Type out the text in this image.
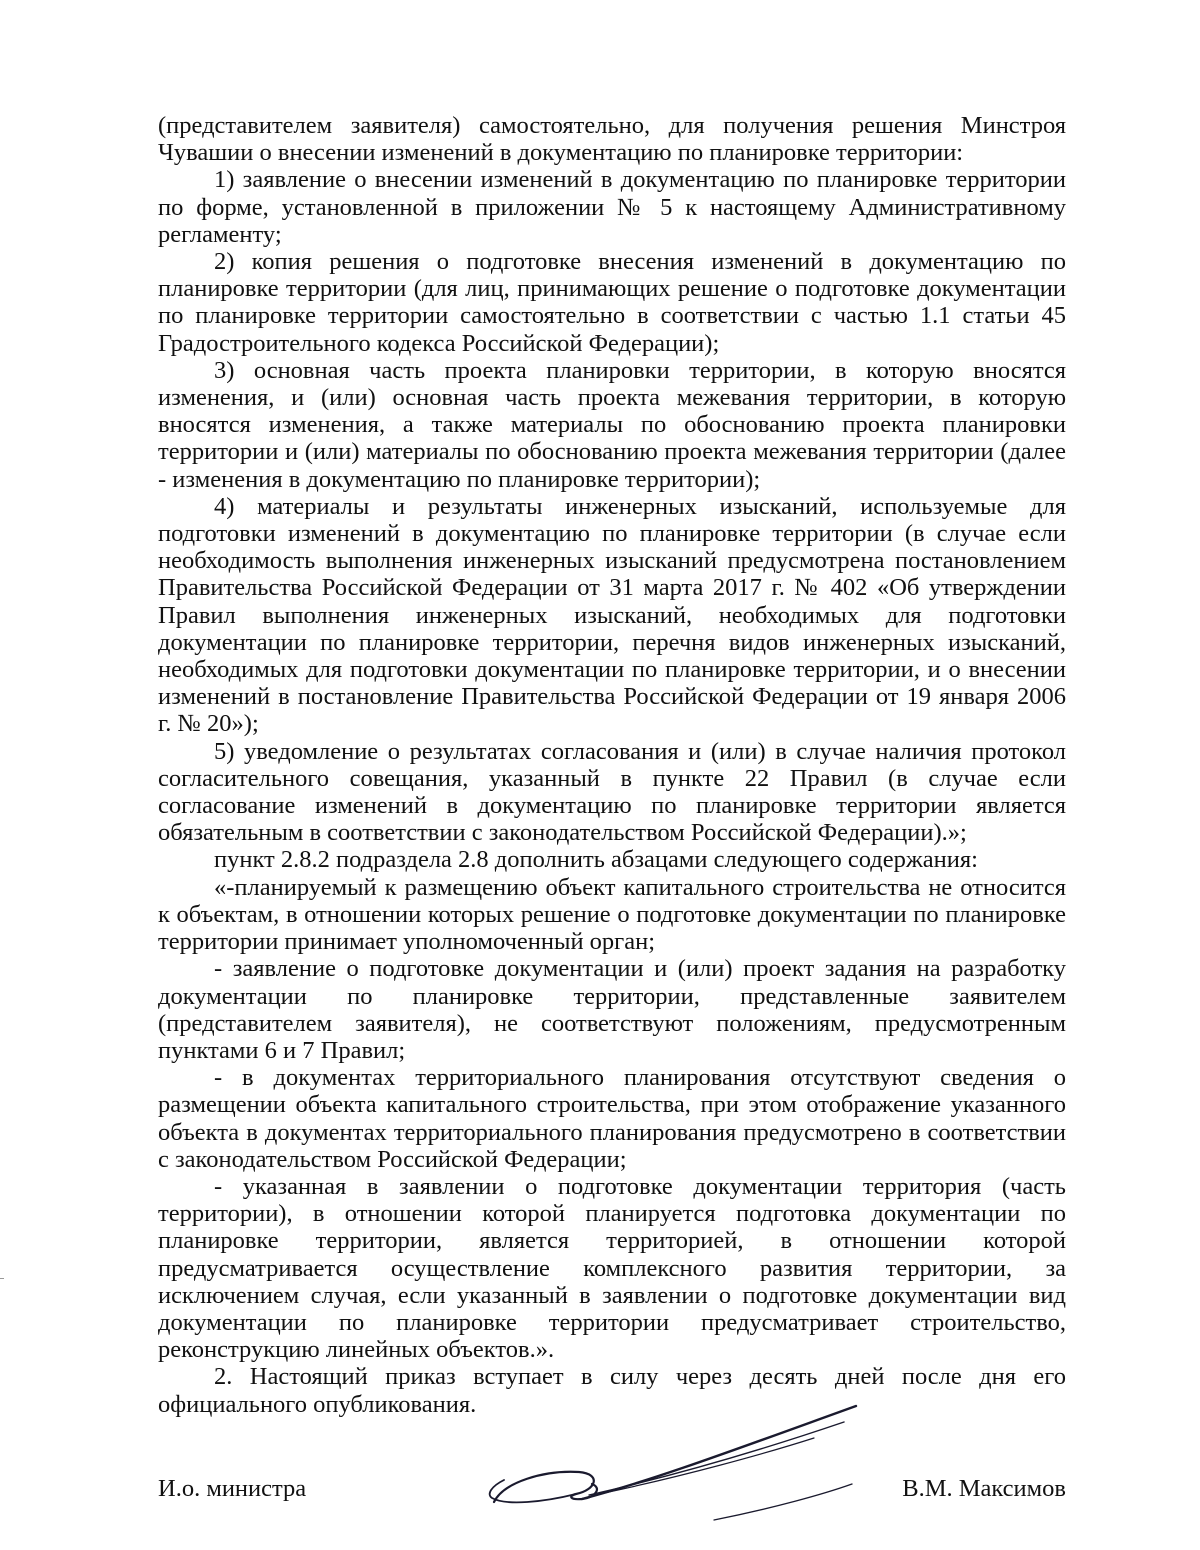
(представителем заявителя) самостоятельно, для получения решения Минстроя Чувашии о внесении изменений в документацию по планировке территории:

1) заявление о внесении изменений в документацию по планировке территории по форме, установленной в приложении № 5 к настоящему Административному регламенту;

2) копия решения о подготовке внесения изменений в документацию по планировке территории (для лиц, принимающих решение о подготовке документации по планировке территории самостоятельно в соответствии с частью 1.1 статьи 45 Градостроительного кодекса Российской Федерации);

3) основная часть проекта планировки территории, в которую вносятся изменения, и (или) основная часть проекта межевания территории, в которую вносятся изменения, а также материалы по обоснованию проекта планировки территории и (или) материалы по обоснованию проекта межевания территории (далее - изменения в документацию по планировке территории);

4) материалы и результаты инженерных изысканий, используемые для подготовки изменений в документацию по планировке территории (в случае если необходимость выполнения инженерных изысканий предусмотрена постановлением Правительства Российской Федерации от 31 марта 2017 г. № 402 «Об утверждении Правил выполнения инженерных изысканий, необходимых для подготовки документации по планировке территории, перечня видов инженерных изысканий, необходимых для подготовки документации по планировке территории, и о внесении изменений в постановление Правительства Российской Федерации от 19 января 2006 г. № 20»);

5) уведомление о результатах согласования и (или) в случае наличия протокол согласительного совещания, указанный в пункте 22 Правил (в случае если согласование изменений в документацию по планировке территории является обязательным в соответствии с законодательством Российской Федерации).»;

пункт 2.8.2 подраздела 2.8 дополнить абзацами следующего содержания:

«-планируемый к размещению объект капитального строительства не относится к объектам, в отношении которых решение о подготовке документации по планировке территории принимает уполномоченный орган;

- заявление о подготовке документации и (или) проект задания на разработку документации по планировке территории, представленные заявителем (представителем заявителя), не соответствуют положениям, предусмотренным пунктами 6 и 7 Правил;

- в документах территориального планирования отсутствуют сведения о размещении объекта капитального строительства, при этом отображение указанного объекта в документах территориального планирования предусмотрено в соответствии с законодательством Российской Федерации;

- указанная в заявлении о подготовке документации территория (часть территории), в отношении которой планируется подготовка документации по планировке территории, является территорией, в отношении которой предусматривается осуществление комплексного развития территории, за исключением случая, если указанный в заявлении о подготовке документации вид документации по планировке территории предусматривает строительство, реконструкцию линейных объектов.».

2. Настоящий приказ вступает в силу через десять дней после дня его официального опубликования.

И.о. министра	В.М. Максимов
